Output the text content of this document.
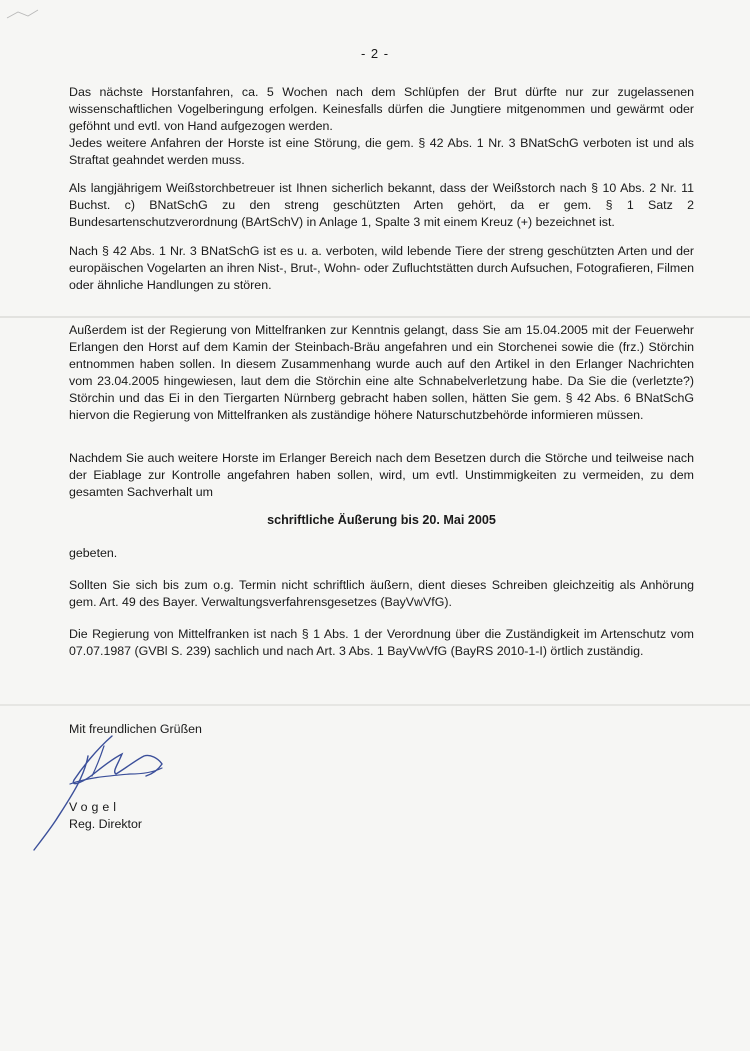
- 2 -

Das nächste Horstanfahren, ca. 5 Wochen nach dem Schlüpfen der Brut dürfte nur zur zugelassenen wissenschaftlichen Vogelberingung erfolgen. Keinesfalls dürfen die Jungtiere mitgenommen und gewärmt oder geföhnt und evtl. von Hand aufgezogen werden.

Jedes weitere Anfahren der Horste ist eine Störung, die gem. § 42 Abs. 1 Nr. 3 BNatSchG verboten ist und als Straftat geahndet werden muss.

Als langjährigem Weißstorchbetreuer ist Ihnen sicherlich bekannt, dass der Weißstorch nach § 10 Abs. 2 Nr. 11 Buchst. c) BNatSchG zu den streng geschützten Arten gehört, da er gem. § 1 Satz 2 Bundesartenschutzverordnung (BArtSchV) in Anlage 1, Spalte 3 mit einem Kreuz (+) bezeichnet ist.

Nach § 42 Abs. 1 Nr. 3 BNatSchG ist es u. a. verboten, wild lebende Tiere der streng geschützten Arten und der europäischen Vogelarten an ihren Nist-, Brut-, Wohn- oder Zufluchtstätten durch Aufsuchen, Fotografieren, Filmen oder ähnliche Handlungen zu stören.

Außerdem ist der Regierung von Mittelfranken zur Kenntnis gelangt, dass Sie am 15.04.2005 mit der Feuerwehr Erlangen den Horst auf dem Kamin der Steinbach-Bräu angefahren und ein Storchenei sowie die (frz.) Störchin entnommen haben sollen. In diesem Zusammenhang wurde auch auf den Artikel in den Erlanger Nachrichten vom 23.04.2005 hingewiesen, laut dem die Störchin eine alte Schnabelverletzung habe. Da Sie die (verletzte?) Störchin und das Ei in den Tiergarten Nürnberg gebracht haben sollen, hätten Sie gem. § 42 Abs. 6 BNatSchG hiervon die Regierung von Mittelfranken als zuständige höhere Naturschutzbehörde informieren müssen.

Nachdem Sie auch weitere Horste im Erlanger Bereich nach dem Besetzen durch die Störche und teilweise nach der Eiablage zur Kontrolle angefahren haben sollen, wird, um evtl. Unstimmigkeiten zu vermeiden, zu dem gesamten Sachverhalt um

schriftliche Äußerung bis 20. Mai 2005

gebeten.

Sollten Sie sich bis zum o.g. Termin nicht schriftlich äußern, dient dieses Schreiben gleichzeitig als Anhörung gem. Art. 49 des Bayer. Verwaltungsverfahrensgesetzes (BayVwVfG).

Die Regierung von Mittelfranken ist nach § 1 Abs. 1 der Verordnung über die Zuständigkeit im Artenschutz vom 07.07.1987 (GVBl S. 239) sachlich und nach Art. 3 Abs. 1 BayVwVfG (BayRS 2010-1-I) örtlich zuständig.

Mit freundlichen Grüßen

Vogel

Reg. Direktor
